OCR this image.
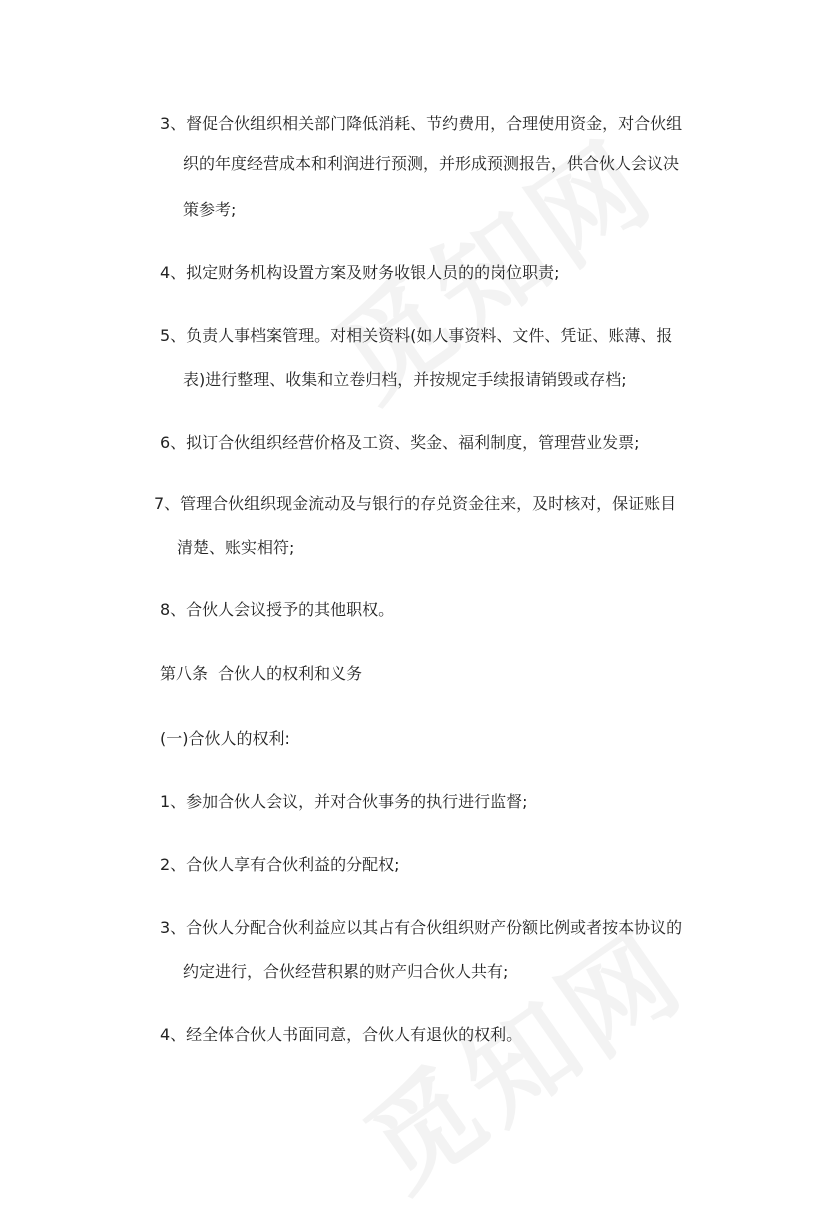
3、督促合伙组织相关部门降低消耗、节约费用，合理使用资金，对合伙组
织的年度经营成本和利润进行预测，并形成预测报告，供合伙人会议决
策参考;
4、拟定财务机构设置方案及财务收银人员的的岗位职责;
5、负责人事档案管理。对相关资料(如人事资料、文件、凭证、账薄、报
表)进行整理、收集和立卷归档，并按规定手续报请销毁或存档;
6、拟订合伙组织经营价格及工资、奖金、福利制度，管理营业发票;
7、管理合伙组织现金流动及与银行的存兑资金往来，及时核对，保证账目
清楚、账实相符;
8、合伙人会议授予的其他职权。
第八条  合伙人的权利和义务
(一)合伙人的权利:
1、参加合伙人会议，并对合伙事务的执行进行监督;
2、合伙人享有合伙利益的分配权;
3、合伙人分配合伙利益应以其占有合伙组织财产份额比例或者按本协议的
约定进行，合伙经营积累的财产归合伙人共有;
4、经全体合伙人书面同意，合伙人有退伙的权利。
